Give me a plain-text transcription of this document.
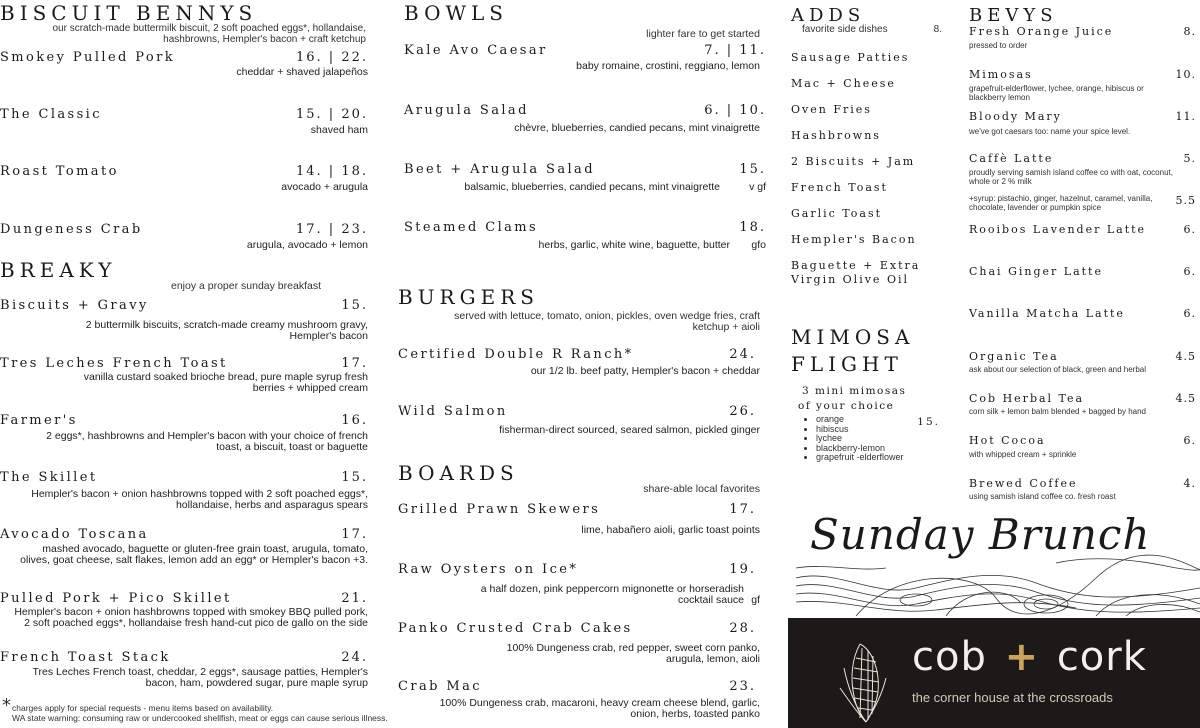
BISCUIT BENNYS
our scratch-made buttermilk biscuit, 2 soft poached eggs*, hollandaise, hashbrowns, Hempler's bacon + craft ketchup
Smokey Pulled Pork	16. | 22.
cheddar + shaved jalapeños
The Classic	15. | 20.
shaved ham
Roast Tomato	14. | 18.
avocado + arugula
Dungeness Crab	17. | 23.
arugula, avocado + lemon
BREAKY
enjoy a proper sunday breakfast
Biscuits + Gravy	15.
2 buttermilk biscuits, scratch-made creamy mushroom gravy, Hempler's bacon
Tres Leches French Toast	17.
vanilla custard soaked brioche bread, pure maple syrup fresh berries + whipped cream
Farmer's	16.
2 eggs*, hashbrowns and Hempler's bacon with your choice of french toast, a biscuit, toast or baguette
The Skillet	15.
Hempler's bacon + onion hashbrowns topped with 2 soft poached eggs*, hollandaise, herbs and asparagus spears
Avocado Toscana	17.
mashed avocado, baguette or gluten-free grain toast, arugula, tomato, olives, goat cheese, salt flakes, lemon add an egg* or Hempler's bacon +3.
Pulled Pork + Pico Skillet	21.
Hempler's bacon + onion hashbrowns topped with smokey BBQ pulled pork, 2 soft poached eggs*, hollandaise fresh hand-cut pico de gallo on the side
French Toast Stack	24.
Tres Leches French toast, cheddar, 2 eggs*, sausage patties, Hempler's bacon, ham, powdered sugar, pure maple syrup
* charges apply for special requests - menu items based on availability.
WA state warning: consuming raw or undercooked shellfish, meat or eggs can cause serious illness.
BOWLS
lighter fare to get started
Kale Avo Caesar	7. | 11.
baby romaine, crostini, reggiano, lemon
Arugula Salad	6. | 10.
chèvre, blueberries, candied pecans, mint vinaigrette
Beet + Arugula Salad	15.
balsamic, blueberries, candied pecans, mint vinaigrette	v gf
Steamed Clams	18.
herbs, garlic, white wine, baguette, butter gfo
BURGERS
served with lettuce, tomato, onion, pickles, oven wedge fries, craft ketchup + aioli
Certified Double R Ranch*	24.
our 1/2 lb. beef patty, Hempler's bacon + cheddar
Wild Salmon	26.
fisherman-direct sourced, seared salmon, pickled ginger
BOARDS
share-able local favorites
Grilled Prawn Skewers	17.
lime, habañero aioli, garlic toast points
Raw Oysters on Ice*	19.
a half dozen, pink peppercorn mignonette or horseradish cocktail sauce gf
Panko Crusted Crab Cakes	28.
100% Dungeness crab, red pepper, sweet corn panko, arugula, lemon, aioli
Crab Mac	23.
100% Dungeness crab, macaroni, heavy cream cheese blend, garlic, onion, herbs, toasted panko
ADDS
favorite side dishes	8.
Sausage Patties
Mac + Cheese
Oven Fries
Hashbrowns
2 Biscuits + Jam
French Toast
Garlic Toast
Hempler's Bacon
Baguette + Extra
Virgin Olive Oil
MIMOSA
FLIGHT
3 mini mimosas
of your choice
15.
• orange
• hibiscus
• lychee
• blackberry-lemon
• grapefruit -elderflower
BEVYS
Fresh Orange Juice	8.
pressed to order
Mimosas	10.
grapefruit-elderflower, lychee, orange, hibiscus or blackberry lemon
Bloody Mary	11.
we've got caesars too: name your spice level.
Caffè Latte	5.
proudly serving samish island coffee co with oat, coconut, whole or 2 % milk
+syrup: pistachio, ginger, hazelnut, caramel, vanilla, chocolate, lavender or pumpkin spice
5.5
Rooibos Lavender Latte	6.
Chai Ginger Latte	6.
Vanilla Matcha Latte	6.
Organic Tea	4.5
ask about our selection of black, green and herbal
Cob Herbal Tea	4.5
corn silk + lemon balm blended + bagged by hand
Hot Cocoa	6.
with whipped cream + sprinkle
Brewed Coffee	4.
using samish island coffee co. fresh roast
Sunday Brunch
cob + cork
the corner house at the crossroads
